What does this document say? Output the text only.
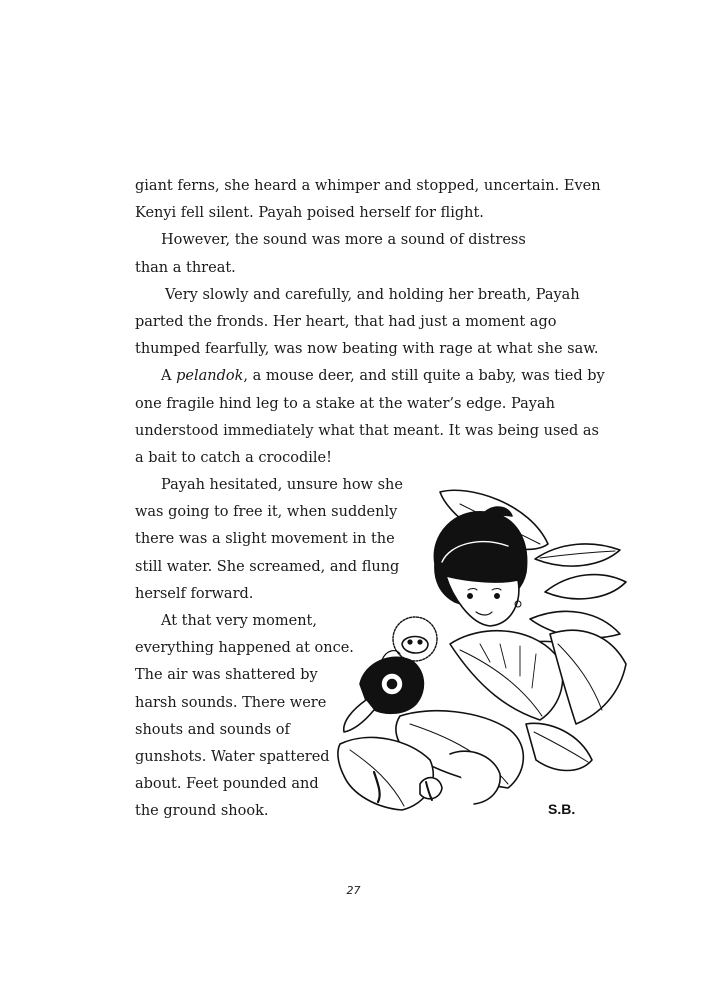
giant ferns, she heard a whimper and stopped, uncertain. Even
Kenyi fell silent. Payah poised herself for flight.
However, the sound was more a sound of distress
than a threat.
Very slowly and carefully, and holding her breath, Payah
parted the fronds. Her heart, that had just a moment ago
thumped fearfully, was now beating with rage at what she saw.
A pelandok, a mouse deer, and still quite a baby, was tied by
one fragile hind leg to a stake at the water’s edge. Payah
understood immediately what that meant. It was being used as
a bait to catch a crocodile!
Payah hesitated, unsure how she
was going to free it, when suddenly
there was a slight movement in the
still water. She screamed, and flung
herself forward.
At that very moment,
everything happened at once.
The air was shattered by
harsh sounds. There were
shouts and sounds of
gunshots. Water spattered
about. Feet pounded and
the ground shook.	S.B.
27
